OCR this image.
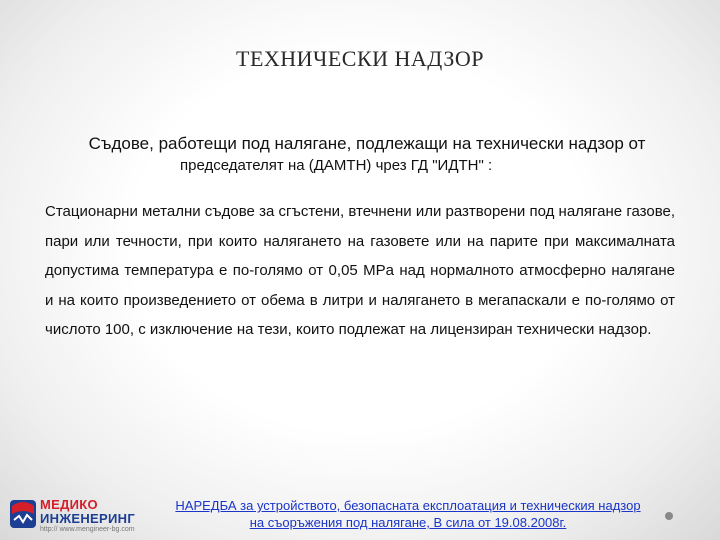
ТЕХНИЧЕСКИ НАДЗОР
Съдове, работещи под налягане, подлежащи на технически надзор от
председателят на (ДАМТН) чрез ГД "ИДТН" :
Стационарни метални съдове за сгъстени, втечнени или разтворени под налягане газове, пари или течности, при които налягането на газовете или на парите при максималната допустима температура е по-голямо от 0,05 MPa над нормалното атмосферно налягане и на които произведението от обема в литри и налягането в мегапаскали е по-голямо от числото 100, с изключение на тези, които подлежат на лицензиран технически надзор.
МЕДИКО
ИНЖЕНЕРИНГ
http:// www.mengineer-bg.com
НАРЕДБА за устройството, безопасната експлоатация и техническия надзор
на съоръжения под налягане, В сила от 19.08.2008г.
